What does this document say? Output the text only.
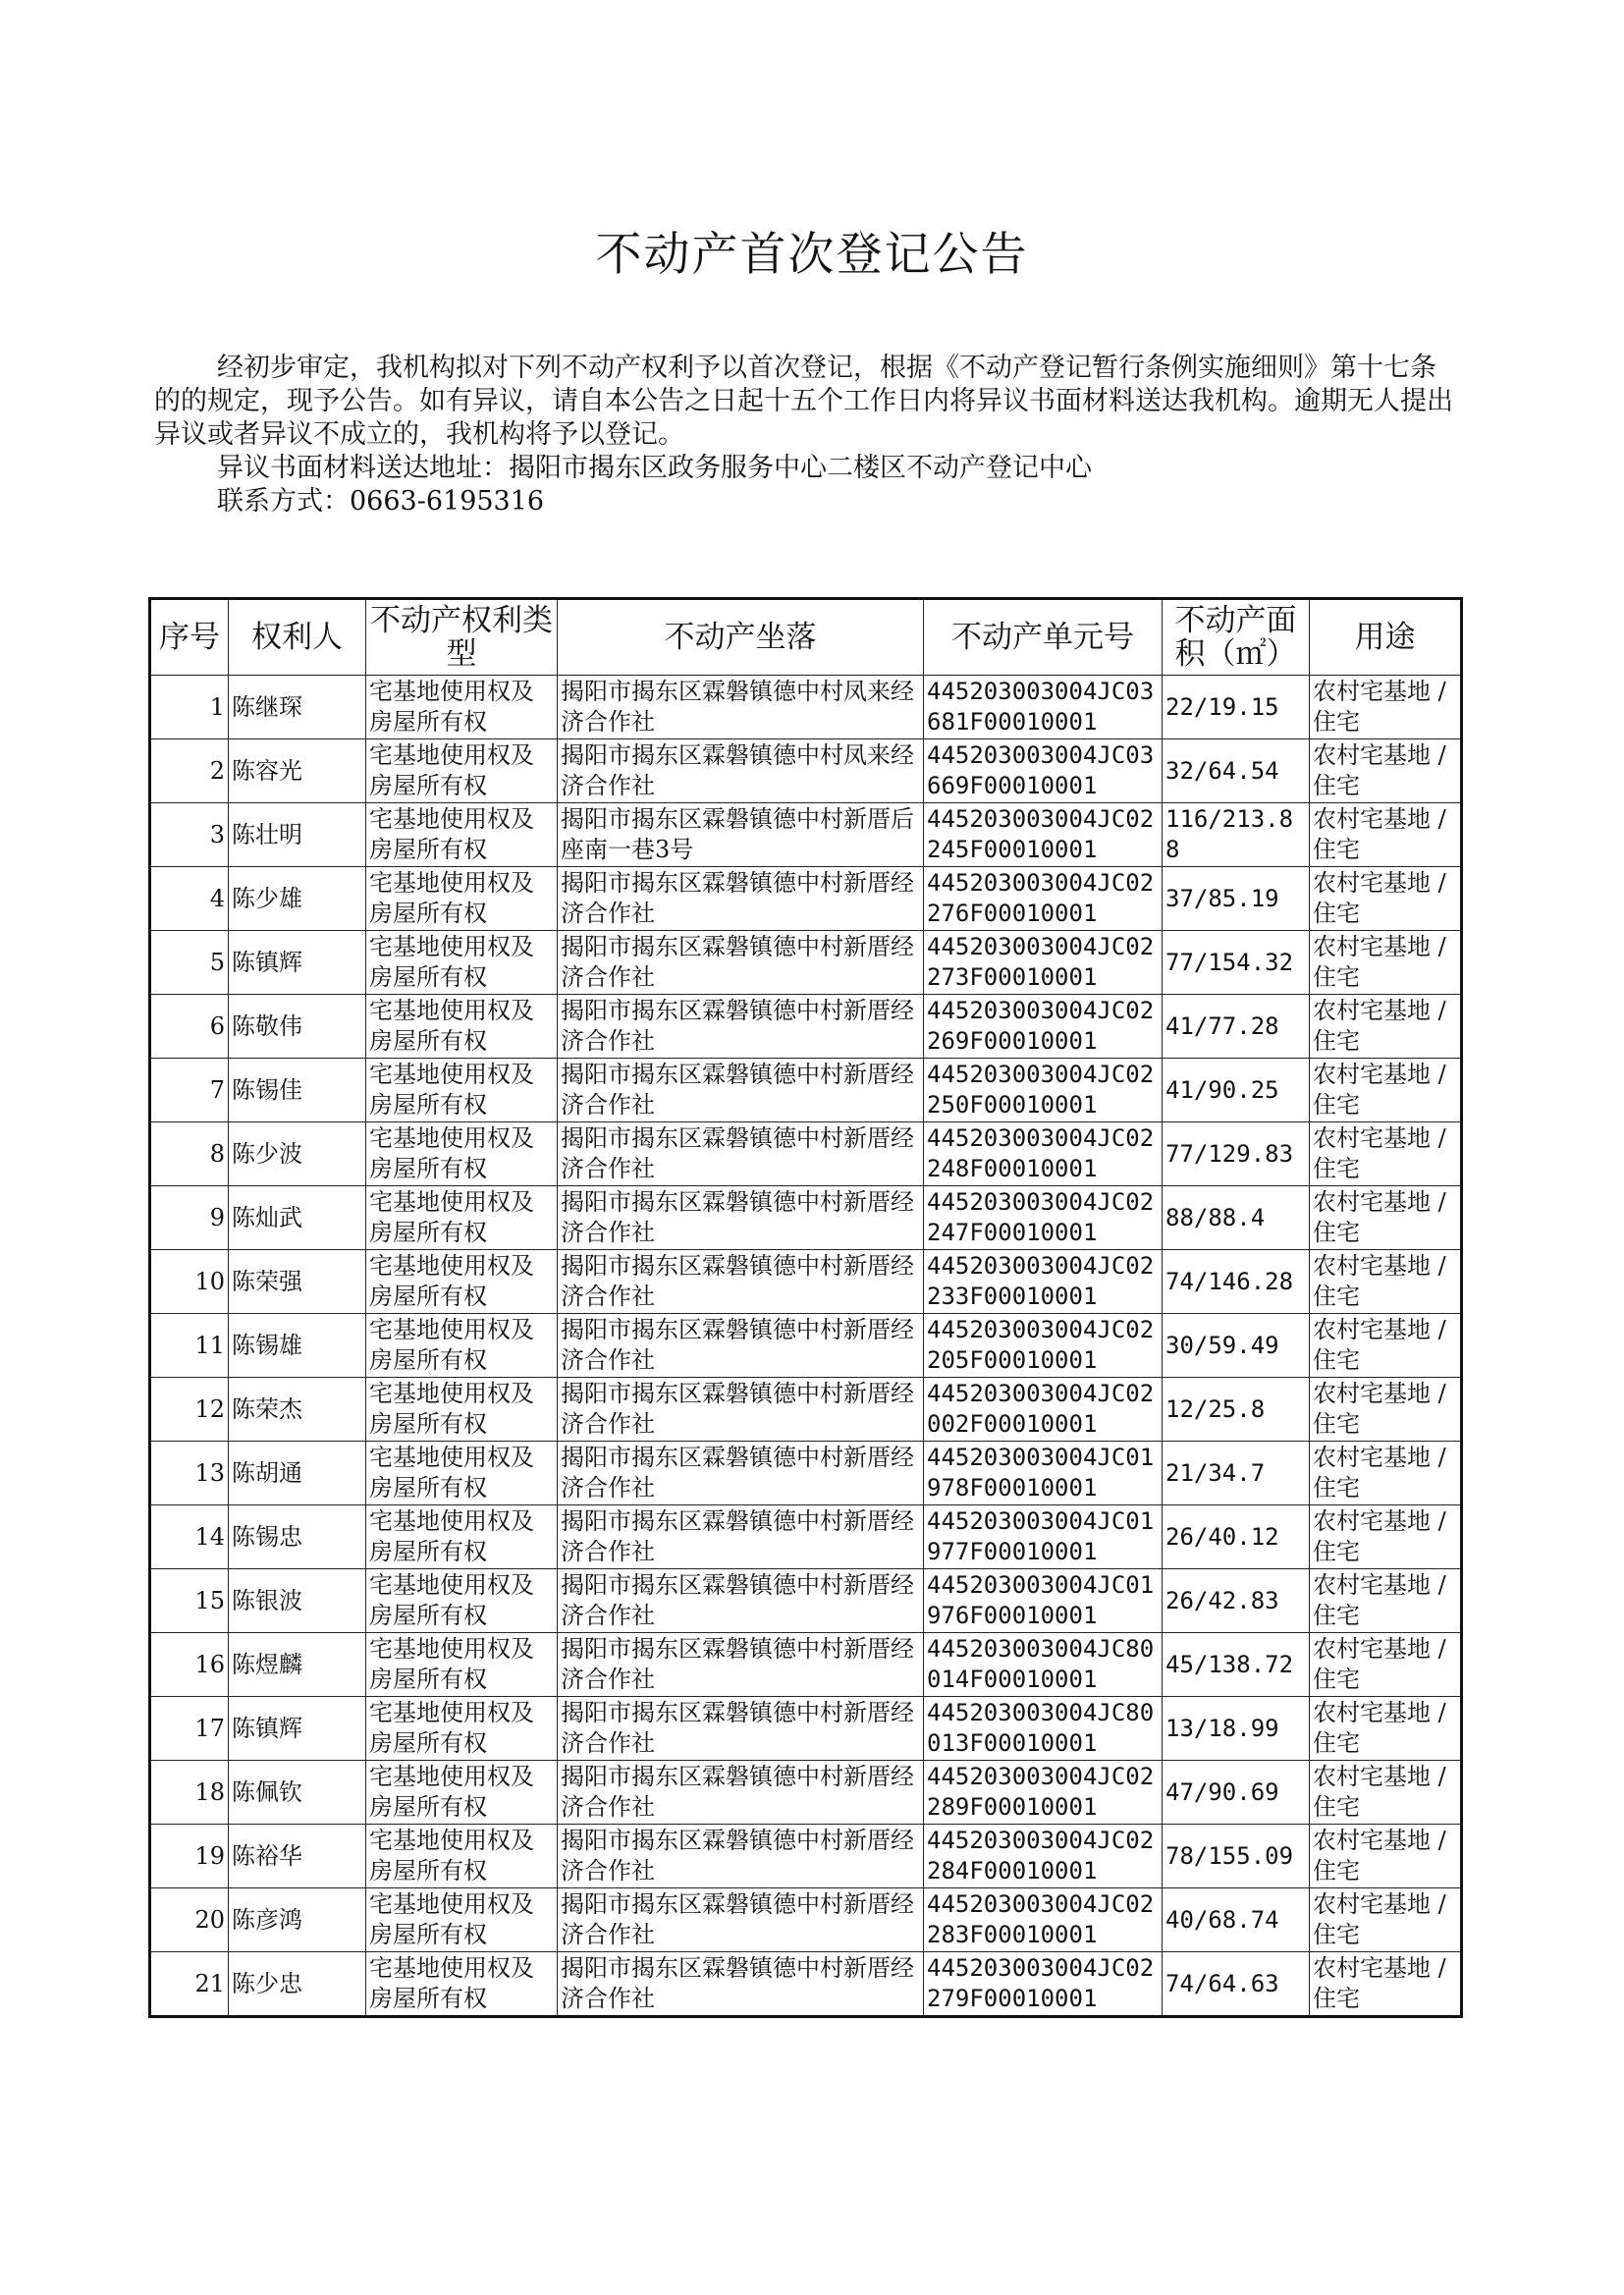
不动产首次登记公告

经初步审定，我机构拟对下列不动产权利予以首次登记，根据《不动产登记暂行条例实施细则》第十七条的的规定，现予公告。如有异议，请自本公告之日起十五个工作日内将异议书面材料送达我机构。逾期无人提出异议或者异议不成立的，我机构将予以登记。

异议书面材料送达地址：揭阳市揭东区政务服务中心二楼区不动产登记中心

联系方式：0663-6195316

序号	权利人	不动产权利类型	不动产坐落	不动产单元号	不动产面积（㎡）	用途
1	陈继琛	宅基地使用权及房屋所有权	揭阳市揭东区霖磐镇德中村凤来经济合作社	445203003004JC03681F00010001	22/19.15	农村宅基地 / 住宅
2	陈容光	宅基地使用权及房屋所有权	揭阳市揭东区霖磐镇德中村凤来经济合作社	445203003004JC03669F00010001	32/64.54	农村宅基地 / 住宅
3	陈壮明	宅基地使用权及房屋所有权	揭阳市揭东区霖磐镇德中村新厝后座南一巷3号	445203003004JC02245F00010001	116/213.88	农村宅基地 / 住宅
4	陈少雄	宅基地使用权及房屋所有权	揭阳市揭东区霖磐镇德中村新厝经济合作社	445203003004JC02276F00010001	37/85.19	农村宅基地 / 住宅
5	陈镇辉	宅基地使用权及房屋所有权	揭阳市揭东区霖磐镇德中村新厝经济合作社	445203003004JC02273F00010001	77/154.32	农村宅基地 / 住宅
6	陈敬伟	宅基地使用权及房屋所有权	揭阳市揭东区霖磐镇德中村新厝经济合作社	445203003004JC02269F00010001	41/77.28	农村宅基地 / 住宅
7	陈锡佳	宅基地使用权及房屋所有权	揭阳市揭东区霖磐镇德中村新厝经济合作社	445203003004JC02250F00010001	41/90.25	农村宅基地 / 住宅
8	陈少波	宅基地使用权及房屋所有权	揭阳市揭东区霖磐镇德中村新厝经济合作社	445203003004JC02248F00010001	77/129.83	农村宅基地 / 住宅
9	陈灿武	宅基地使用权及房屋所有权	揭阳市揭东区霖磐镇德中村新厝经济合作社	445203003004JC02247F00010001	88/88.4	农村宅基地 / 住宅
10	陈荣强	宅基地使用权及房屋所有权	揭阳市揭东区霖磐镇德中村新厝经济合作社	445203003004JC02233F00010001	74/146.28	农村宅基地 / 住宅
11	陈锡雄	宅基地使用权及房屋所有权	揭阳市揭东区霖磐镇德中村新厝经济合作社	445203003004JC02205F00010001	30/59.49	农村宅基地 / 住宅
12	陈荣杰	宅基地使用权及房屋所有权	揭阳市揭东区霖磐镇德中村新厝经济合作社	445203003004JC02002F00010001	12/25.8	农村宅基地 / 住宅
13	陈胡通	宅基地使用权及房屋所有权	揭阳市揭东区霖磐镇德中村新厝经济合作社	445203003004JC01978F00010001	21/34.7	农村宅基地 / 住宅
14	陈锡忠	宅基地使用权及房屋所有权	揭阳市揭东区霖磐镇德中村新厝经济合作社	445203003004JC01977F00010001	26/40.12	农村宅基地 / 住宅
15	陈银波	宅基地使用权及房屋所有权	揭阳市揭东区霖磐镇德中村新厝经济合作社	445203003004JC01976F00010001	26/42.83	农村宅基地 / 住宅
16	陈煜麟	宅基地使用权及房屋所有权	揭阳市揭东区霖磐镇德中村新厝经济合作社	445203003004JC80014F00010001	45/138.72	农村宅基地 / 住宅
17	陈镇辉	宅基地使用权及房屋所有权	揭阳市揭东区霖磐镇德中村新厝经济合作社	445203003004JC80013F00010001	13/18.99	农村宅基地 / 住宅
18	陈佩钦	宅基地使用权及房屋所有权	揭阳市揭东区霖磐镇德中村新厝经济合作社	445203003004JC02289F00010001	47/90.69	农村宅基地 / 住宅
19	陈裕华	宅基地使用权及房屋所有权	揭阳市揭东区霖磐镇德中村新厝经济合作社	445203003004JC02284F00010001	78/155.09	农村宅基地 / 住宅
20	陈彦鸿	宅基地使用权及房屋所有权	揭阳市揭东区霖磐镇德中村新厝经济合作社	445203003004JC02283F00010001	40/68.74	农村宅基地 / 住宅
21	陈少忠	宅基地使用权及房屋所有权	揭阳市揭东区霖磐镇德中村新厝经济合作社	445203003004JC02279F00010001	74/64.63	农村宅基地 / 住宅
